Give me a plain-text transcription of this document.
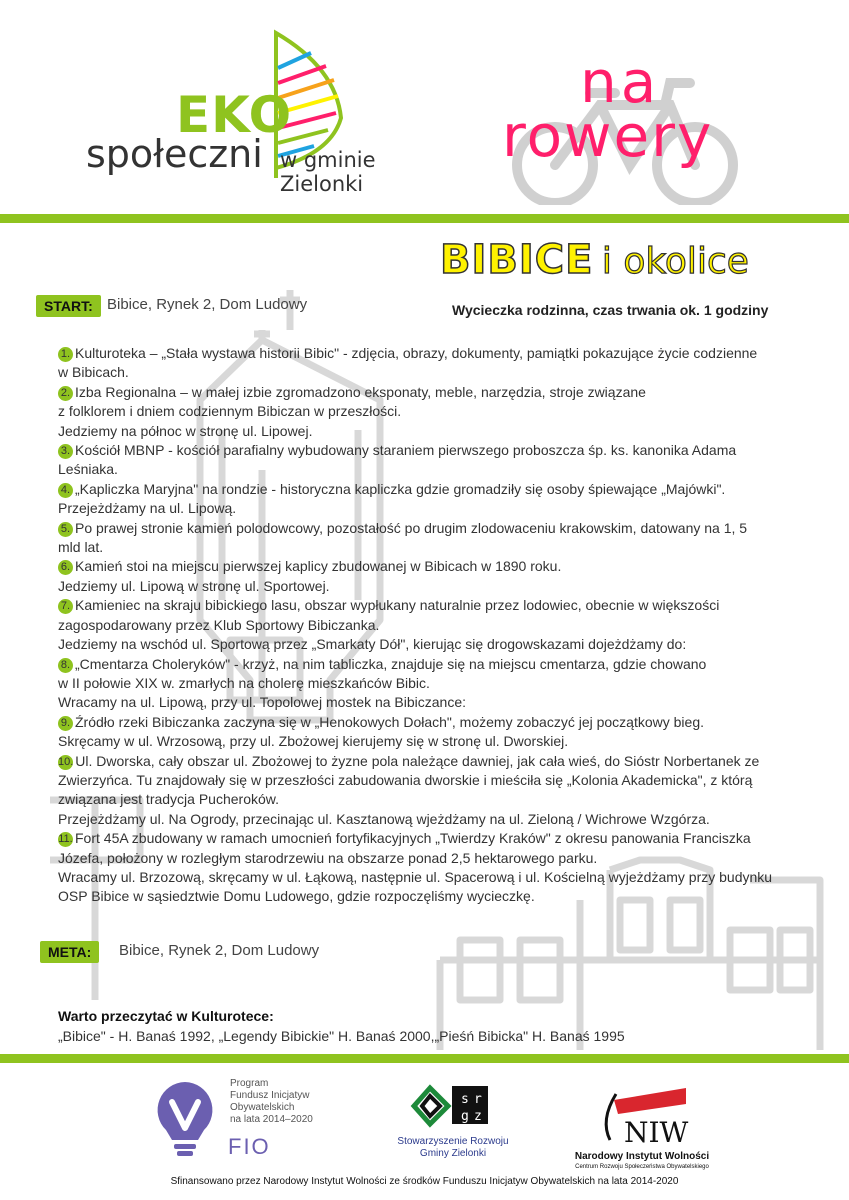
EKO
społeczni w gminie
Zielonki
na
rowery
BIBICE i okolice
Wycieczka rodzinna, czas trwania ok. 1 godziny
START: Bibice, Rynek 2, Dom Ludowy
1. Kulturoteka – „Stała wystawa historii Bibic" - zdjęcia, obrazy, dokumenty, pamiątki pokazujące życie codzienne
w Bibicach.
2. Izba Regionalna – w małej izbie zgromadzono eksponaty, meble, narzędzia, stroje związane
z folklorem i dniem codziennym Bibiczan w przeszłości.
Jedziemy na północ w stronę ul. Lipowej.
3. Kościół MBNP - kościół parafialny wybudowany staraniem pierwszego proboszcza śp. ks. kanonika Adama
Leśniaka.
4. „Kapliczka Maryjna" na rondzie - historyczna kapliczka gdzie gromadziły się osoby śpiewające „Majówki".
Przejeżdżamy na ul. Lipową.
5. Po prawej stronie kamień polodowcowy, pozostałość po drugim zlodowaceniu krakowskim, datowany na 1, 5
mld lat.
6. Kamień stoi na miejscu pierwszej kaplicy zbudowanej w Bibicach w 1890 roku.
Jedziemy ul. Lipową w stronę ul. Sportowej.
7. Kamieniec na skraju bibickiego lasu, obszar wypłukany naturalnie przez lodowiec, obecnie w większości
zagospodarowany przez Klub Sportowy Bibiczanka.
Jedziemy na wschód ul. Sportową przez „Smarkaty Dół", kierując się drogowskazami dojeżdżamy do:
8. „Cmentarza Choleryków" - krzyż, na nim tabliczka, znajduje się na miejscu cmentarza, gdzie chowano
w II połowie XIX w. zmarłych na cholerę mieszkańców Bibic.
Wracamy na ul. Lipową, przy ul. Topolowej mostek na Bibiczance:
9. Źródło rzeki Bibiczanka zaczyna się w „Henokowych Dołach", możemy zobaczyć jej początkowy bieg.
Skręcamy w ul. Wrzosową, przy ul. Zbożowej kierujemy się w stronę ul. Dworskiej.
10. Ul. Dworska, cały obszar ul. Zbożowej to żyzne pola należące dawniej, jak cała wieś, do Sióstr Norbertanek ze
Zwierzyńca. Tu znajdowały się w przeszłości zabudowania dworskie i mieściła się „Kolonia Akademicka", z którą
związana jest tradycja Pucheroków.
Przejeżdżamy ul. Na Ogrody, przecinając ul. Kasztanową wjeżdżamy na ul. Zieloną / Wichrowe Wzgórza.
11. Fort 45A zbudowany w ramach umocnień fortyfikacyjnych „Twierdzy Kraków" z okresu panowania Franciszka
Józefa, położony w rozległym starodrzewiu na obszarze ponad 2,5 hektarowego parku.
Wracamy ul. Brzozową, skręcamy w ul. Łąkową, następnie ul. Spacerową i ul. Kościelną wyjeżdżamy przy budynku
OSP Bibice w sąsiedztwie Domu Ludowego, gdzie rozpoczęliśmy wycieczkę.
META:	Bibice, Rynek 2, Dom Ludowy
Warto przeczytać w Kulturotece:
„Bibice" - H. Banaś 1992, „Legendy Bibickie" H. Banaś 2000,„Pieśń Bibicka" H. Banaś 1995
Program
Fundusz Inicjatyw
Obywatelskich
na lata 2014–2020
FIO
s r
g z
Stowarzyszenie Rozwoju
Gminy Zielonki
NIW
Narodowy Instytut Wolności
Centrum Rozwoju Społeczeństwa Obywatelskiego
Sfinansowano przez Narodowy Instytut Wolności ze środków Funduszu Inicjatyw Obywatelskich na lata 2014-2020
